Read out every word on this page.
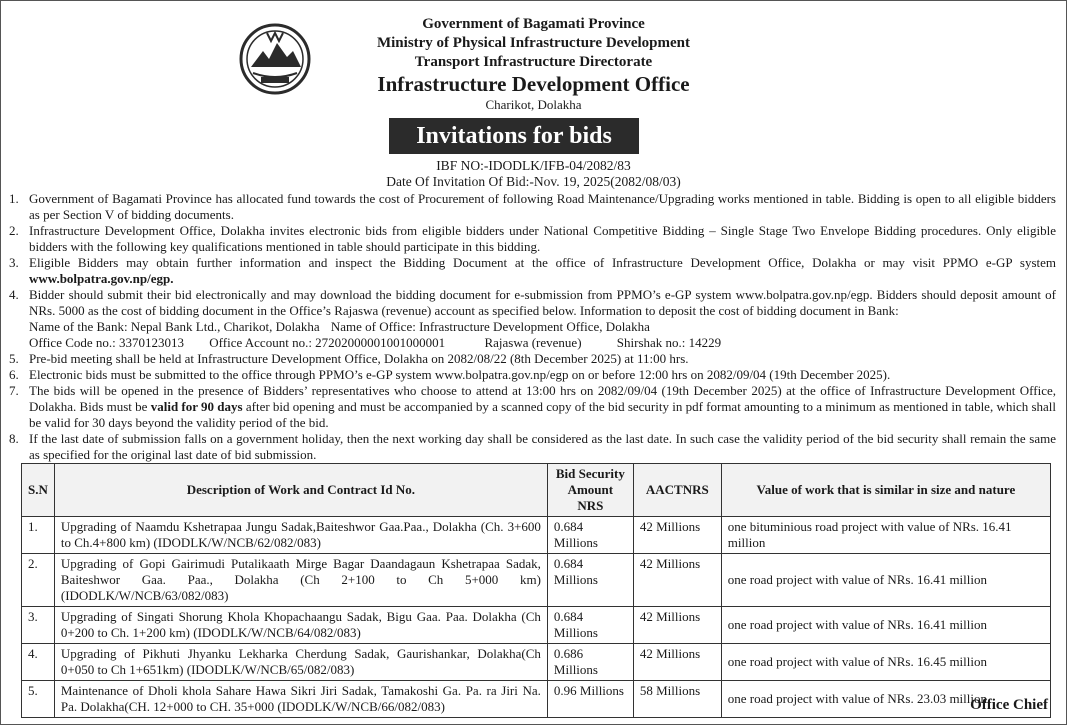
Government of Bagamati Province
Ministry of Physical Infrastructure Development
Transport Infrastructure Directorate
Infrastructure Development Office
Charikot, Dolakha
Invitations for bids
IBF NO:-IDODLK/IFB-04/2082/83
Date Of Invitation Of Bid:-Nov. 19, 2025(2082/08/03)
1. Government of Bagamati Province has allocated fund towards the cost of Procurement of following Road Maintenance/Upgrading works mentioned in table. Bidding is open to all eligible bidders as per Section V of bidding documents.
2. Infrastructure Development Office, Dolakha invites electronic bids from eligible bidders under National Competitive Bidding – Single Stage Two Envelope Bidding procedures. Only eligible bidders with the following key qualifications mentioned in table should participate in this bidding.
3. Eligible Bidders may obtain further information and inspect the Bidding Document at the office of Infrastructure Development Office, Dolakha or may visit PPMO e-GP system www.bolpatra.gov.np/egp.
4. Bidder should submit their bid electronically and may download the bidding document for e-submission from PPMO’s e-GP system www.bolpatra.gov.np/egp. Bidders should deposit amount of NRs. 5000 as the cost of bidding document in the Office’s Rajaswa (revenue) account as specified below. Information to deposit the cost of bidding document in Bank:
Name of the Bank: Nepal Bank Ltd., Charikot, Dolakha Name of Office: Infrastructure Development Office, Dolakha
Office Code no.: 3370123013 Office Account no.: 27202000001001000001	Rajaswa (revenue)	Shirshak no.: 14229
5. Pre-bid meeting shall be held at Infrastructure Development Office, Dolakha on 2082/08/22 (8th December 2025) at 11:00 hrs.
6. Electronic bids must be submitted to the office through PPMO’s e-GP system www.bolpatra.gov.np/egp on or before 12:00 hrs on 2082/09/04 (19th December 2025).
7. The bids will be opened in the presence of Bidders’ representatives who choose to attend at 13:00 hrs on 2082/09/04 (19th December 2025) at the office of Infrastructure Development Office, Dolakha. Bids must be valid for 90 days after bid opening and must be accompanied by a scanned copy of the bid security in pdf format amounting to a minimum as mentioned in table, which shall be valid for 30 days beyond the validity period of the bid.
8. If the last date of submission falls on a government holiday, then the next working day shall be considered as the last date. In such case the validity period of the bid security shall remain the same as specified for the original last date of bid submission.
S.N	Description of Work and Contract Id No.	Bid Security Amount NRS	AACTNRS	Value of work that is similar in size and nature
1.	Upgrading of Naamdu Kshetrapaa Jungu Sadak,Baiteshwor Gaa.Paa., Dolakha (Ch. 3+600 to Ch.4+800 km) (IDODLK/W/NCB/62/082/083)	0.684 Millions	42 Millions	one bituminious road project with value of NRs. 16.41 million
2.	Upgrading of Gopi Gairimudi Putalikaath Mirge Bagar Daandagaun Kshetrapaa Sadak, Baiteshwor Gaa. Paa., Dolakha (Ch 2+100 to Ch 5+000 km) (IDODLK/W/NCB/63/082/083)	0.684 Millions	42 Millions	one road project with value of NRs. 16.41 million
3.	Upgrading of Singati Shorung Khola Khopachaangu Sadak, Bigu Gaa. Paa. Dolakha (Ch 0+200 to Ch. 1+200 km) (IDODLK/W/NCB/64/082/083)	0.684 Millions	42 Millions	one road project with value of NRs. 16.41 million
4.	Upgrading of Pikhuti Jhyanku Lekharka Cherdung Sadak, Gaurishankar, Dolakha(Ch 0+050 to Ch 1+651km) (IDODLK/W/NCB/65/082/083)	0.686 Millions	42 Millions	one road project with value of NRs. 16.45 million
5.	Maintenance of Dholi khola Sahare Hawa Sikri Jiri Sadak, Tamakoshi Ga. Pa. ra Jiri Na. Pa. Dolakha(CH. 12+000 to CH. 35+000 (IDODLK/W/NCB/66/082/083)	0.96 Millions	58 Millions	one road project with value of NRs. 23.03 million
Office Chief
